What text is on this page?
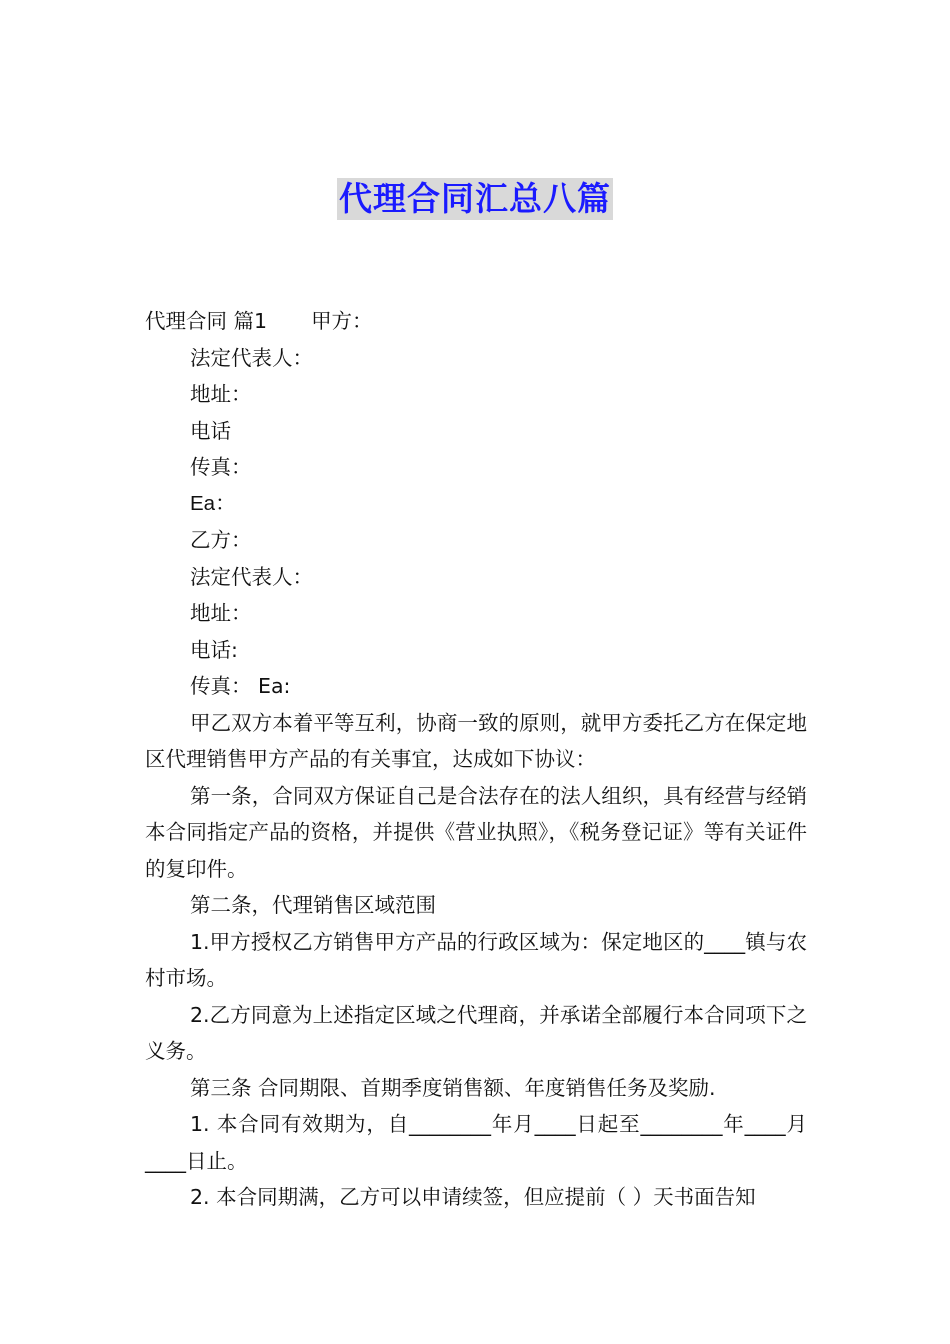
代理合同汇总八篇

代理合同 篇1 甲方：

法定代表人：

地址：

电话

传真：

Ea：

乙方：

法定代表人：

地址：

电话:

传真： Ea:

甲乙双方本着平等互利，协商一致的原则，就甲方委托乙方在保定地区代理销售甲方产品的有关事宜，达成如下协议：

第一条，合同双方保证自己是合法存在的法人组织，具有经营与经销本合同指定产品的资格，并提供《营业执照》，《税务登记证》等有关证件的复印件。

第二条，代理销售区域范围

1.甲方授权乙方销售甲方产品的行政区域为：保定地区的____镇与农村市场。

2.乙方同意为上述指定区域之代理商，并承诺全部履行本合同项下之义务。

第三条 合同期限、首期季度销售额、年度销售任务及奖励.

1. 本合同有效期为，自________年月____日起至________年____月____日止。

2. 本合同期满，乙方可以申请续签，但应提前（ ）天书面告知
